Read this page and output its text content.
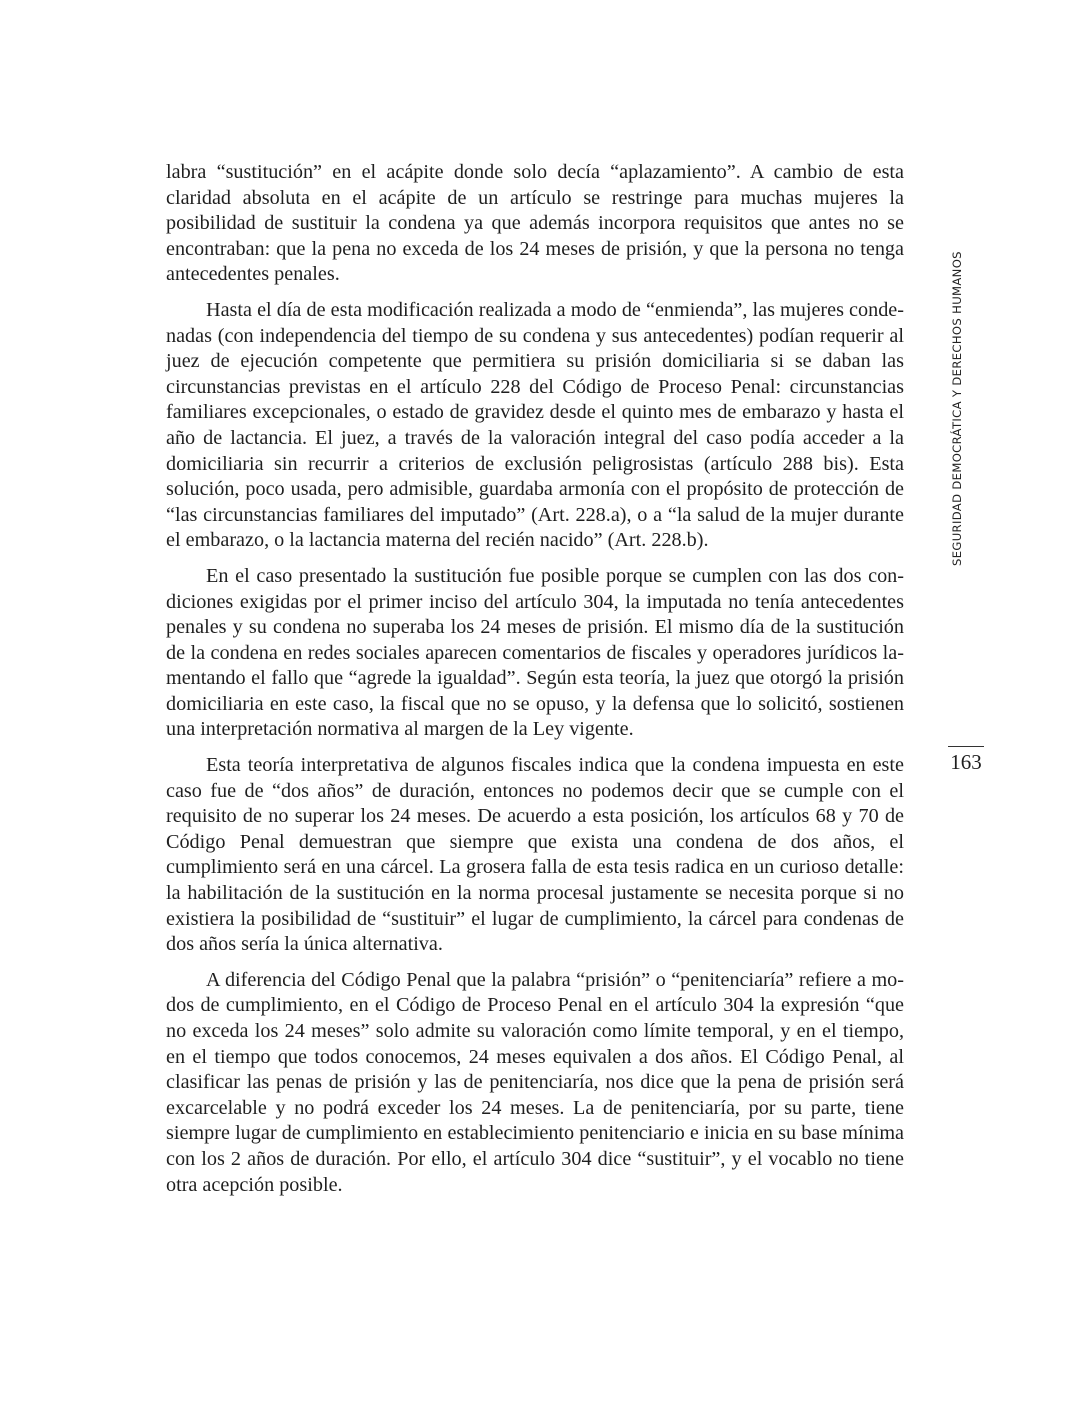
labra “sustitución” en el acápite donde solo decía “aplazamiento”. A cambio de esta claridad absoluta en el acápite de un artículo se restringe para muchas mujeres la posibilidad de sustituir la condena ya que además incorpora requisitos que antes no se encontraban: que la pena no exceda de los 24 meses de prisión, y que la persona no tenga antecedentes penales.

Hasta el día de esta modificación realizada a modo de “enmienda”, las mujeres condenadas (con independencia del tiempo de su condena y sus antecedentes) podían requerir al juez de ejecución competente que permitiera su prisión domiciliaria si se daban las circunstancias previstas en el artículo 228 del Código de Proceso Penal: circunstancias familiares excepcionales, o estado de gravidez desde el quinto mes de embarazo y hasta el año de lactancia. El juez, a través de la valoración integral del caso podía acceder a la domiciliaria sin recurrir a criterios de exclusión peligrosistas (artículo 288 bis). Esta solución, poco usada, pero admisible, guardaba armonía con el propósito de protección de “las circunstancias familiares del imputado” (Art. 228.a), o a “la salud de la mujer durante el embarazo, o la lactancia materna del recién nacido” (Art. 228.b).

En el caso presentado la sustitución fue posible porque se cumplen con las dos condiciones exigidas por el primer inciso del artículo 304, la imputada no tenía antecedentes penales y su condena no superaba los 24 meses de prisión. El mismo día de la sustitución de la condena en redes sociales aparecen comentarios de fiscales y operadores jurídicos lamentando el fallo que “agrede la igualdad”. Según esta teoría, la juez que otorgó la prisión domiciliaria en este caso, la fiscal que no se opuso, y la defensa que lo solicitó, sostienen una interpretación normativa al margen de la Ley vigente.

Esta teoría interpretativa de algunos fiscales indica que la condena impuesta en este caso fue de “dos años” de duración, entonces no podemos decir que se cumple con el requisito de no superar los 24 meses. De acuerdo a esta posición, los artículos 68 y 70 de Código Penal demuestran que siempre que exista una condena de dos años, el cumplimiento será en una cárcel. La grosera falla de esta tesis radica en un curioso detalle: la habilitación de la sustitución en la norma procesal justamente se necesita porque si no existiera la posibilidad de “sustituir” el lugar de cumplimiento, la cárcel para condenas de dos años sería la única alternativa.

A diferencia del Código Penal que la palabra “prisión” o “penitenciaría” refiere a modos de cumplimiento, en el Código de Proceso Penal en el artículo 304 la expresión “que no exceda los 24 meses” solo admite su valoración como límite temporal, y en el tiempo, en el tiempo que todos conocemos, 24 meses equivalen a dos años. El Código Penal, al clasificar las penas de prisión y las de penitenciaría, nos dice que la pena de prisión será excarcelable y no podrá exceder los 24 meses. La de penitenciaría, por su parte, tiene siempre lugar de cumplimiento en establecimiento penitenciario e inicia en su base mínima con los 2 años de duración. Por ello, el artículo 304 dice “sustituir”, y el vocablo no tiene otra acepción posible.

SEGURIDAD DEMOCRÁTICA Y DERECHOS HUMANOS
163
